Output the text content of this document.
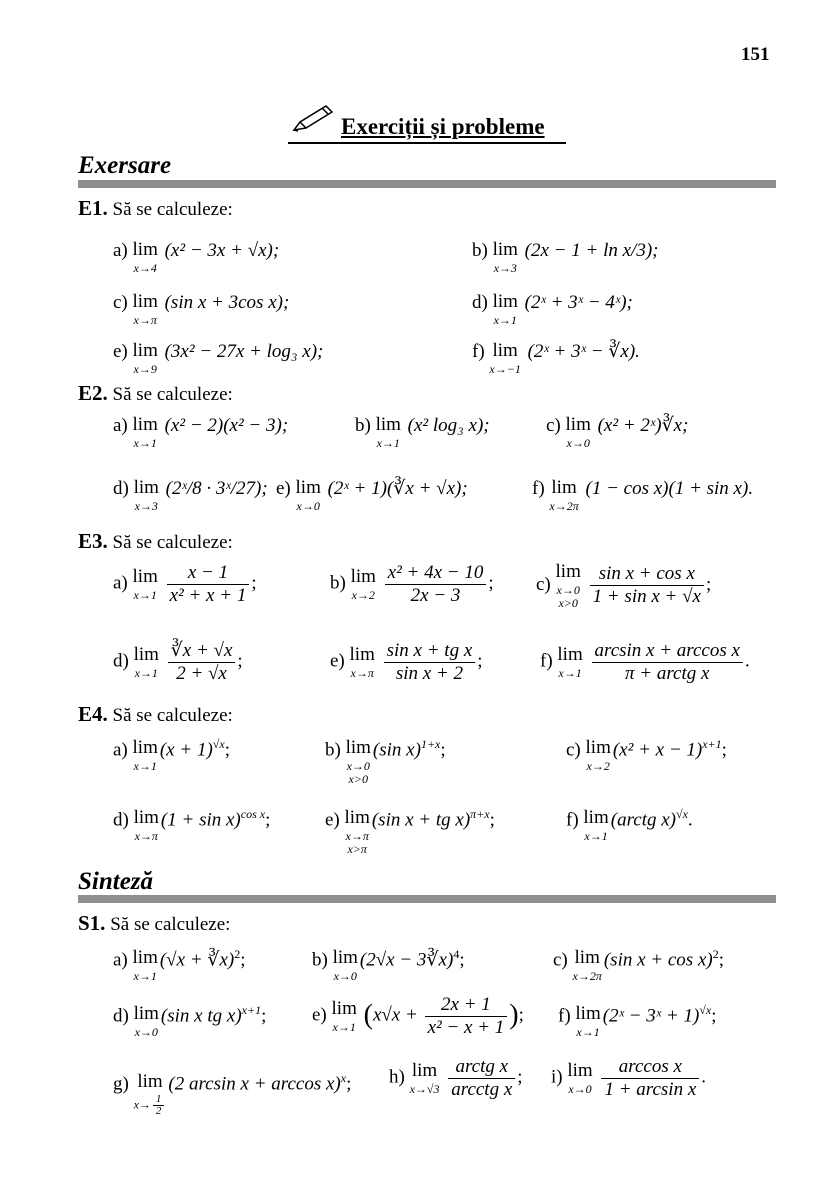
151
Exerciții și probleme
Exersare
E1. Să se calculeze:
a) lim
x→4
(x² − 3x + √x);	b) lim
x→3
(2x − 1 + ln x/3);
c) lim
x→π
(sin x + 3cos x);	d) lim
x→1
(2ˣ + 3ˣ − 4ˣ);
e) lim
x→9
(3x² − 27x + log₃ x);	f) lim
x→−1
(2ˣ + 3ˣ − ∛x).
E2. Să se calculeze:
a) lim
x→1
(x² − 2)(x² − 3);	b) lim
x→1
(x² log₃ x);	c) lim
x→0
(x² + 2ˣ)∛x;
d) lim
x→3
(2ˣ/8 · 3ˣ/27); e) lim
x→0
(2ˣ + 1)(∛x + √x);	f) lim
x→2π
(1 − cos x)(1 + sin x).
E3. Să se calculeze:
a) lim
x→1
$\frac{x - 1}{\text{x² + x + 1}}$ ;	b) lim
x→2
$\frac{\text{x² + 4x − 10}}{2x - 3}$ ; c)
lim
x→0
x>0
$\frac{\text{sin x + cos x}}{\text{1 + sin x + √x}}$ ;
d) lim
x→1
$\frac{∛x + √x}{2 + √x}$ ;	e) lim
x→π
$\frac{\text{sin x + tg x}}{\text{sin x + 2}}$ ;	f) lim
x→1
$\frac{\text{arcsin x + arccos x}}{\text{π + arctg x}}$ .
E4. Să se calculeze:
a) lim
x→1
$(x + 1)^{√x}$;	b) lim
x→0
x>0
(sin x)$^{1+x}$;	c) lim
x→2
$(x^2 + x - 1)^{x+1}$;
d) lim
x→π
$(1 + \sin x)^{cos x}$;	e) lim
x→π
x>π
(sin x + tg x)$^{\pi+x}$;	f) lim
x→1
(arctg x)$^{√x}$.
Sinteză
S1. Să se calculeze:
a) lim
x→1
(√x + ∛x)$^2$;	b) lim
x→0
(2√x − 3∛x)$^4$;	c) lim
x→2π
(sin x + cos x)$^2$;
d) lim
x→0
(sin x tg x)$^{x+1}$; e) lim
x→1 ($x√x + \frac{2x + 1}{\text{x² − x + 1}}$ ); f) lim
x→1
(2ˣ − 3ˣ + 1)$^{√x}$;
g) lim
$x\to \frac{1}{2}$
(2 arcsin x + arccos x)$^x$; h) lim
x→√3
$\frac{\text{arctg x}}{\text{arcctg x}}$ ; i) lim
x→0
$\frac{\text{arccos x}}{\text{1 + arcsin x}}$ .
